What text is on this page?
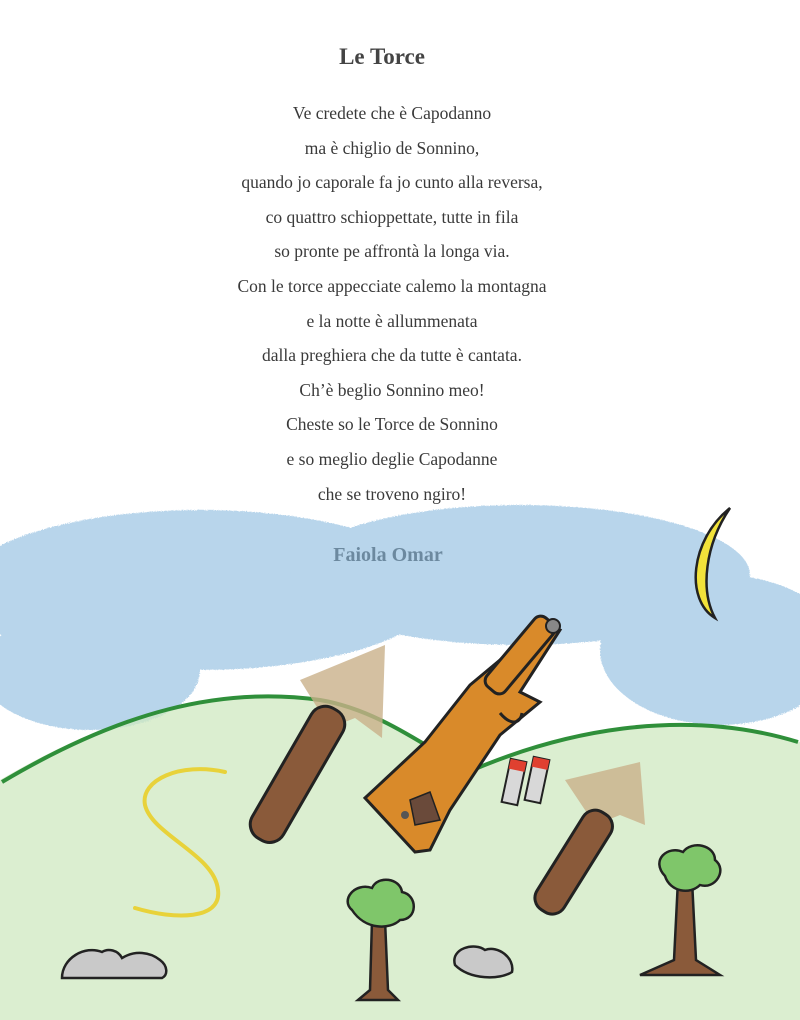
Le Torce
Ve credete che è Capodanno
ma è chiglio de Sonnino,
quando jo caporale fa jo cunto alla reversa,
co quattro schioppettate, tutte in fila
so pronte pe affrontà la longa via.
Con le torce appecciate calemo la montagna
e la notte è allummenata
dalla preghiera che da tutte è cantata.
Ch’è beglio Sonnino meo!
Cheste so le Torce de Sonnino
e so meglio deglie Capodanne
che se troveno ngiro!
